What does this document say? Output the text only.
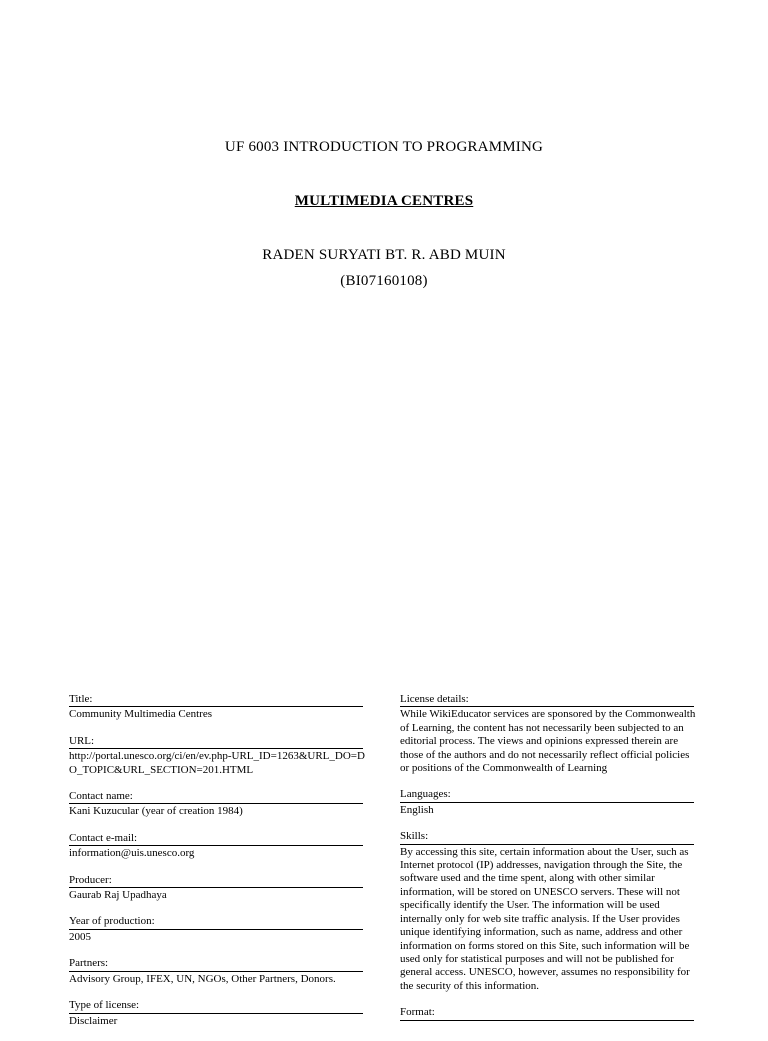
UF 6003 INTRODUCTION TO PROGRAMMING
MULTIMEDIA CENTRES
RADEN SURYATI BT. R. ABD MUIN
(BI07160108)
Title:
Community Multimedia Centres
URL:
http://portal.unesco.org/ci/en/ev.php-URL_ID=1263&URL_DO=DO_TOPIC&URL_SECTION=201.HTML
Contact name:
Kani Kuzucular (year of creation 1984)
Contact e-mail:
information@uis.unesco.org
Producer:
Gaurab Raj Upadhaya
Year of production:
2005
Partners:
Advisory Group, IFEX, UN, NGOs, Other Partners, Donors.
Type of license:
Disclaimer
License details:
While WikiEducator services are sponsored by the Commonwealth of Learning, the content has not necessarily been subjected to an editorial process. The views and opinions expressed therein are those of the authors and do not necessarily reflect official policies or positions of the Commonwealth of Learning
Languages:
English
Skills:
By accessing this site, certain information about the User, such as Internet protocol (IP) addresses, navigation through the Site, the software used and the time spent, along with other similar information, will be stored on UNESCO servers. These will not specifically identify the User. The information will be used internally only for web site traffic analysis. If the User provides unique identifying information, such as name, address and other information on forms stored on this Site, such information will be used only for statistical purposes and will not be published for general access. UNESCO, however, assumes no responsibility for the security of this information.
Format:
